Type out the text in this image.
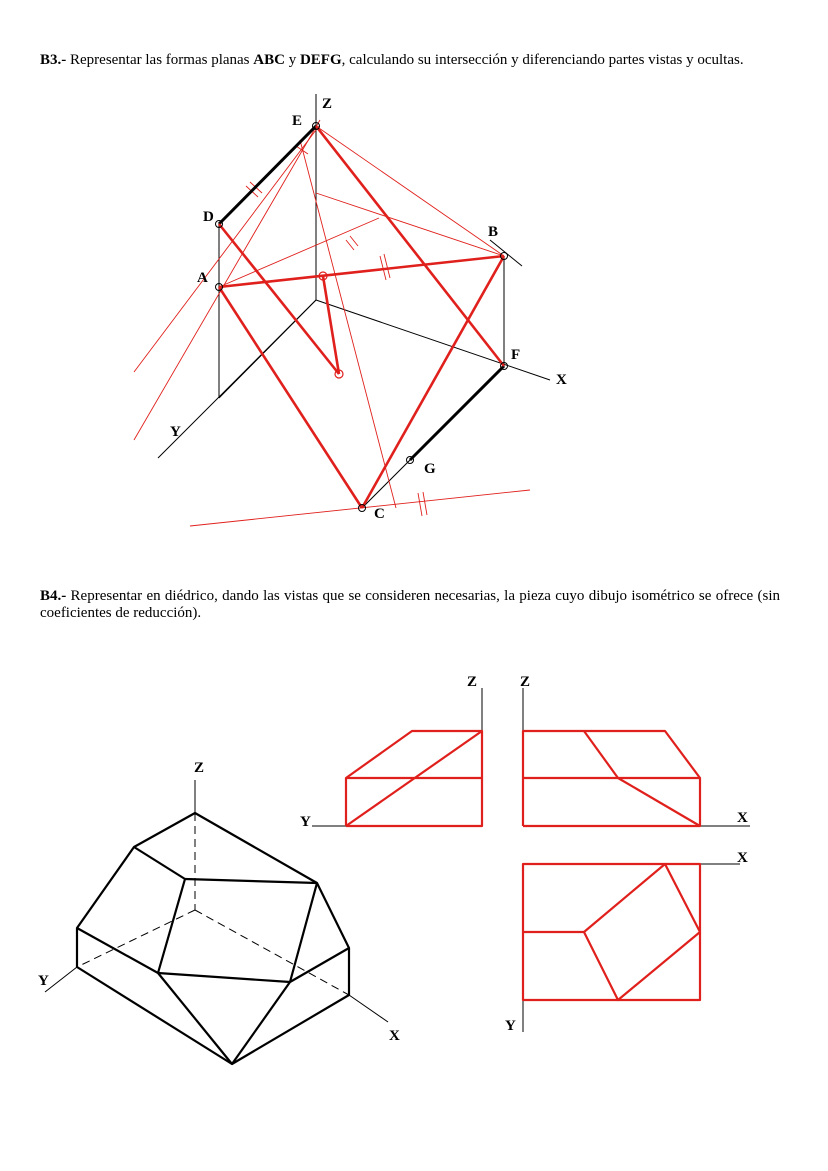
B3.- Representar las formas planas ABC y DEFG, calculando su intersección y diferenciando partes vistas y ocultas.
B4.- Representar en diédrico, dando las vistas que se consideren necesarias, la pieza cuyo dibujo isométrico se ofrece (sin coeficientes de reducción).
Z
E
D
B
A
F
X
Y
G
C
Z
Y
X
Z
Y
Z
X
X
Y
